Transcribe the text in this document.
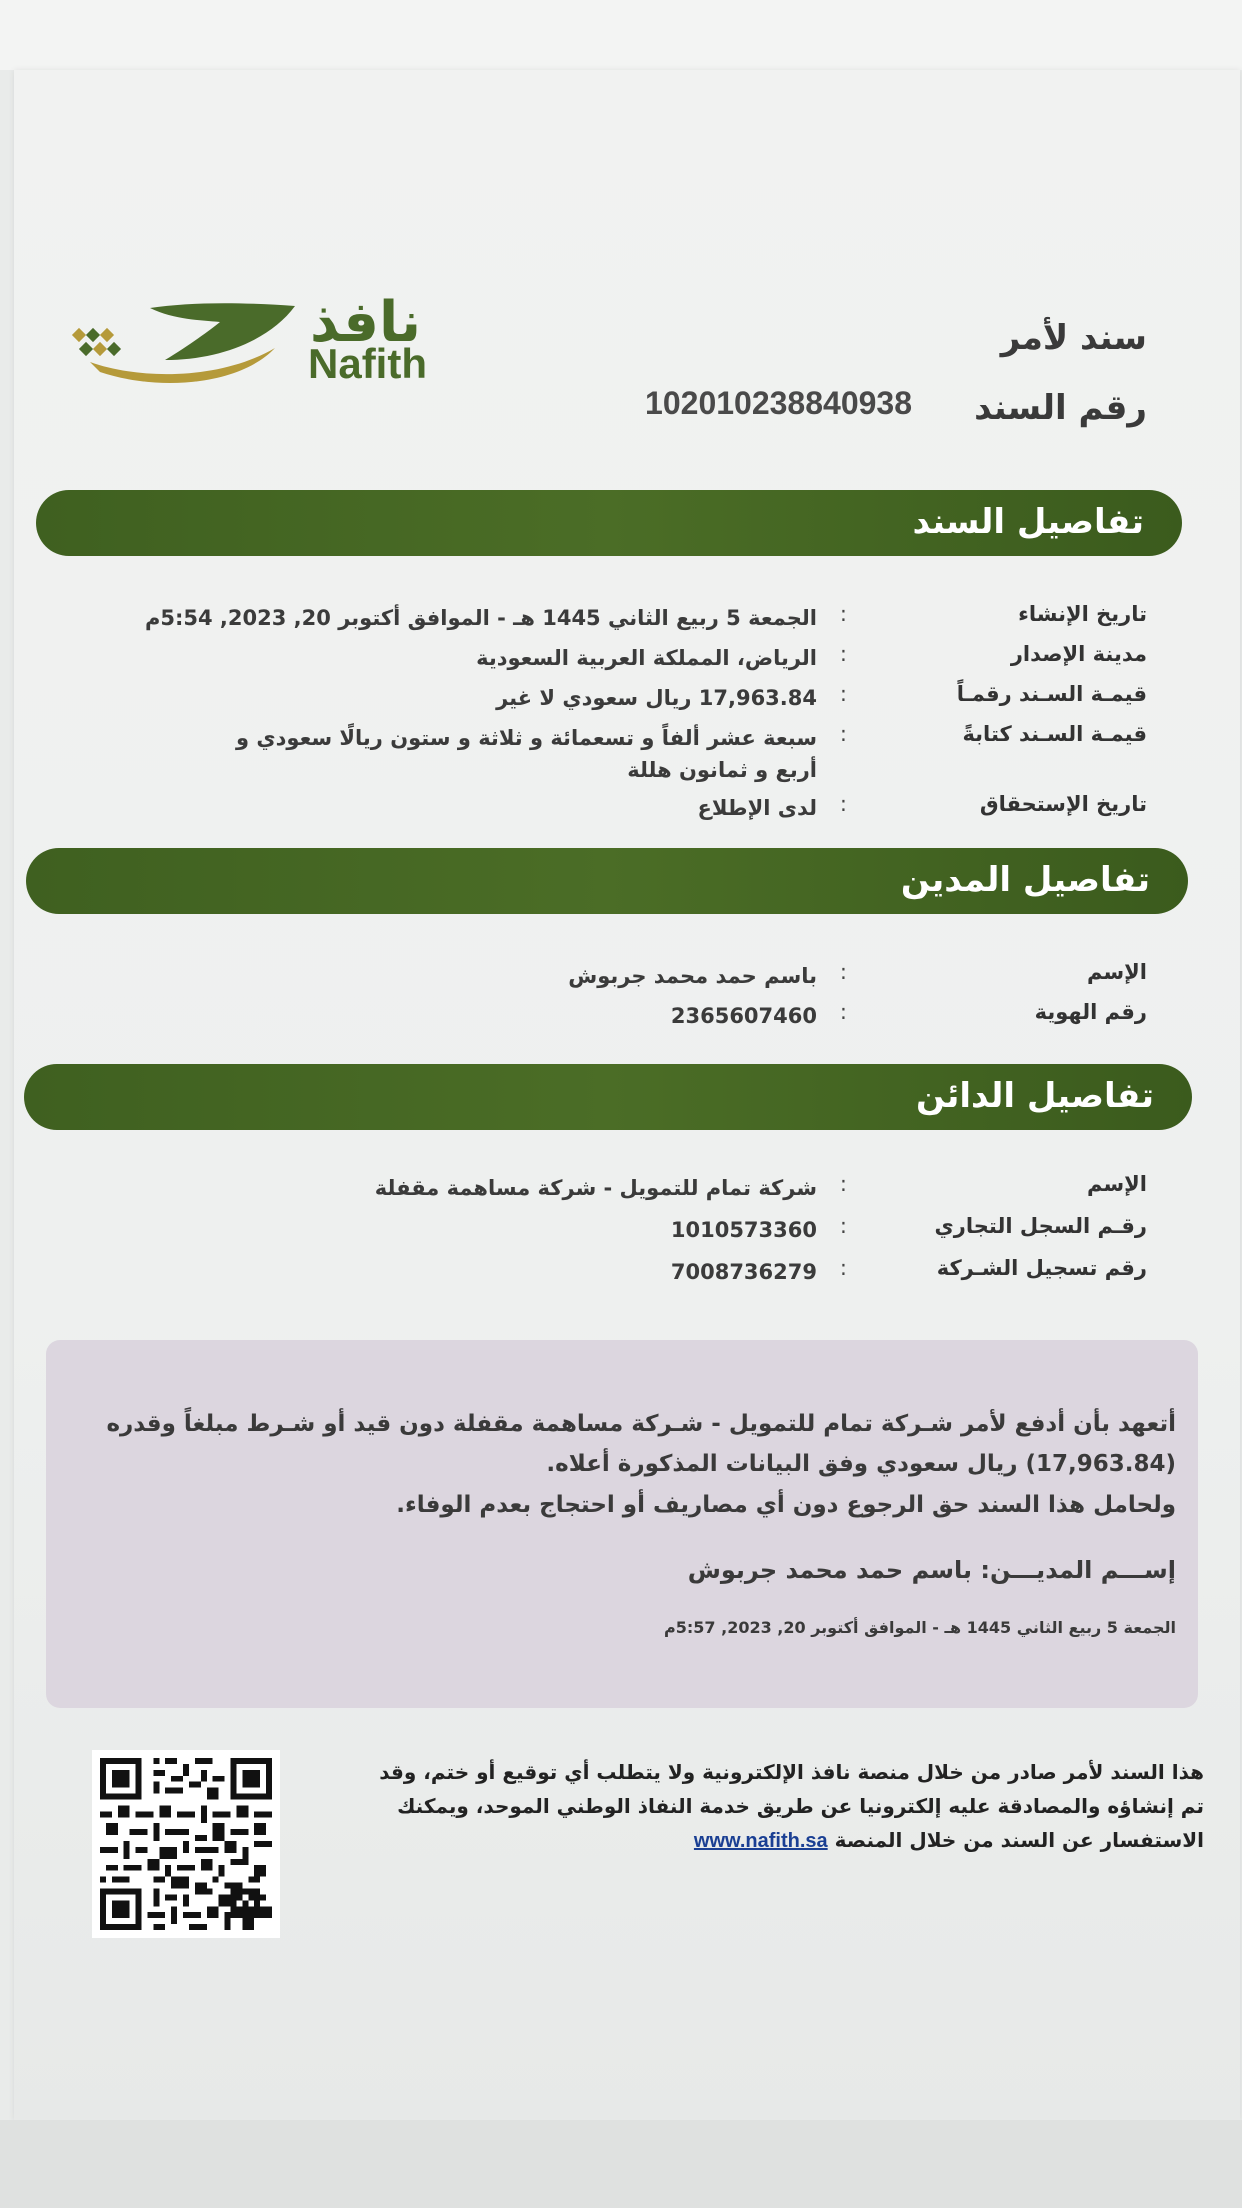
نافذ
Nafith
سند لأمر
رقم السند
102010238840938
تفاصيل السند
تاريخ الإنشاء
:
الجمعة 5 ربيع الثاني 1445 هـ - الموافق أكتوبر 20, 2023, 5:54م
مدينة الإصدار
:
الرياض، المملكة العربية السعودية
قيمـة السـند رقمـاً
:
17,963.84 ريال سعودي لا غير
قيمـة السـند كتابةً
:
سبعة عشر ألفاً و تسعمائة و ثلاثة و ستون ريالًا سعودي و أربع و ثمانون هللة
تاريخ الإستحقاق
:
لدى الإطلاع
تفاصيل المدين
الإسم
:
باسم حمد محمد جربوش
رقم الهوية
:
2365607460
تفاصيل الدائن
الإسم
:
شركة تمام للتمويل - شركة مساهمة مقفلة
رقـم السجل التجاري
:
1010573360
رقم تسجيل الشـركة
:
7008736279

أتعهد بأن أدفع لأمر شـركة تمام للتمويل - شـركة مساهمة مقفلة دون قيد أو شـرط مبلغاً وقدره (17,963.84) ريال سعودي وفق البيانات المذكورة أعلاه.

ولحامل هذا السند حق الرجوع دون أي مصاريف أو احتجاج بعدم الوفاء.

إســـم المديـــن: باسم حمد محمد جربوش

الجمعة 5 ربيع الثاني 1445 هـ - الموافق أكتوبر 20, 2023, 5:57م

هذا السند لأمر صادر من خلال منصة نافذ الإلكترونية ولا يتطلب أي توقيع أو ختم، وقد تم إنشاؤه والمصادقة عليه إلكترونيا عن طريق خدمة النفاذ الوطني الموحد، ويمكنك الاستفسار عن السند من خلال المنصة www.nafith.sa
